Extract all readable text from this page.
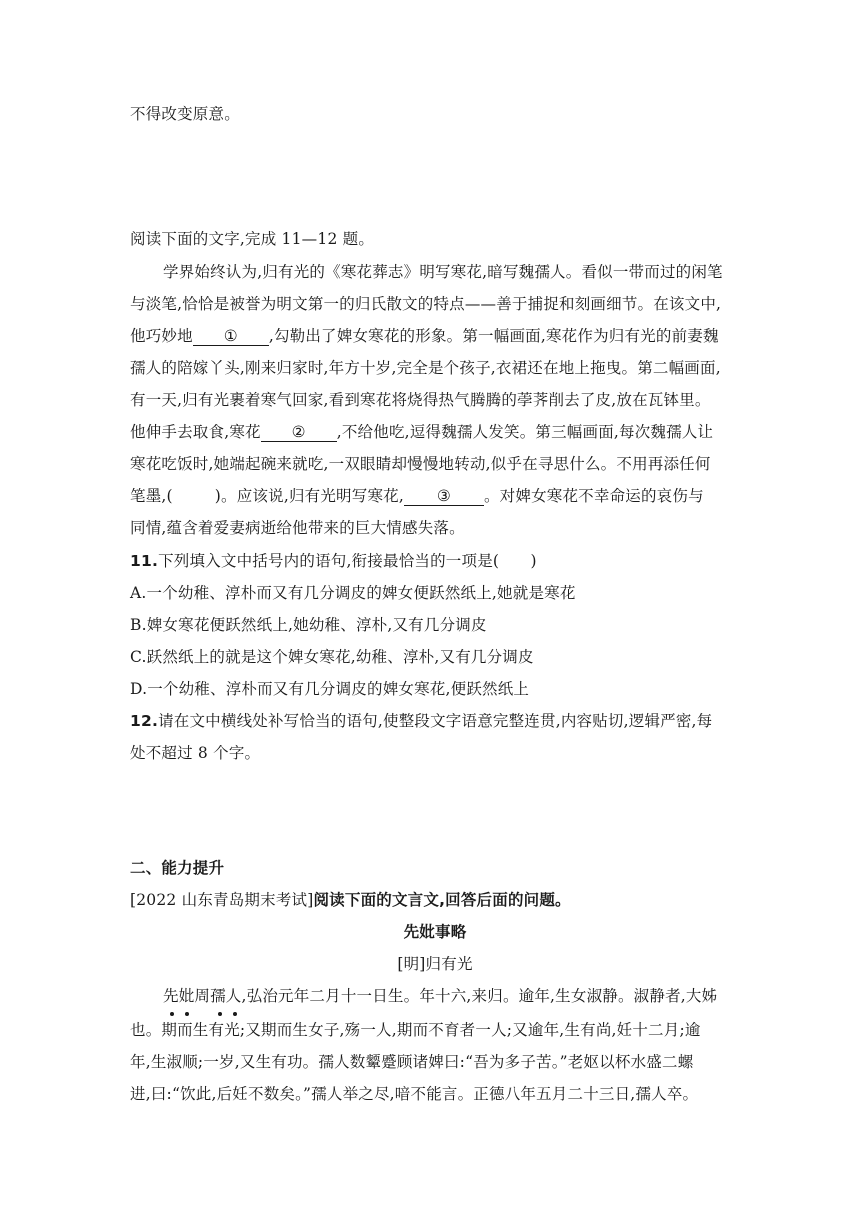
不得改变原意。
阅读下面的文字,完成 11—12 题。
学界始终认为,归有光的《寒花葬志》明写寒花,暗写魏孺人。看似一带而过的闲笔
与淡笔,恰恰是被誉为明文第一的归氏散文的特点——善于捕捉和刻画细节。在该文中,
他巧妙地 ① ,勾勒出了婢女寒花的形象。第一幅画面,寒花作为归有光的前妻魏
孺人的陪嫁丫头,刚来归家时,年方十岁,完全是个孩子,衣裙还在地上拖曳。第二幅画面,
有一天,归有光裹着寒气回家,看到寒花将烧得热气腾腾的荸荠削去了皮,放在瓦钵里。
他伸手去取食,寒花 ② ,不给他吃,逗得魏孺人发笑。第三幅画面,每次魏孺人让
寒花吃饭时,她端起碗来就吃,一双眼睛却慢慢地转动,似乎在寻思什么。不用再添任何
笔墨,(	)。应该说,归有光明写寒花, ③ 。对婢女寒花不幸命运的哀伤与
同情,蕴含着爱妻病逝给他带来的巨大情感失落。
11.下列填入文中括号内的语句,衔接最恰当的一项是(　　)
A.一个幼稚、淳朴而又有几分调皮的婢女便跃然纸上,她就是寒花
B.婢女寒花便跃然纸上,她幼稚、淳朴,又有几分调皮
C.跃然纸上的就是这个婢女寒花,幼稚、淳朴,又有几分调皮
D.一个幼稚、淳朴而又有几分调皮的婢女寒花,便跃然纸上
12.请在文中横线处补写恰当的语句,使整段文字语意完整连贯,内容贴切,逻辑严密,每
处不超过 8 个字。
二、能力提升
[2022 山东青岛期末考试]阅读下面的文言文,回答后面的问题。
先妣事略
[明]归有光
先妣周孺人,弘治元年二月十一日生。年十六,来归。逾年,生女淑静。淑静者,大姊
也。期而生有光;又期而生女子,殇一人,期而不育者一人;又逾年,生有尚,妊十二月;逾
年,生淑顺;一岁,又生有功。孺人数颦蹙顾诸婢曰:“吾为多子苦。”老妪以杯水盛二螺
进,曰:“饮此,后妊不数矣。”孺人举之尽,喑不能言。正德八年五月二十三日,孺人卒。
